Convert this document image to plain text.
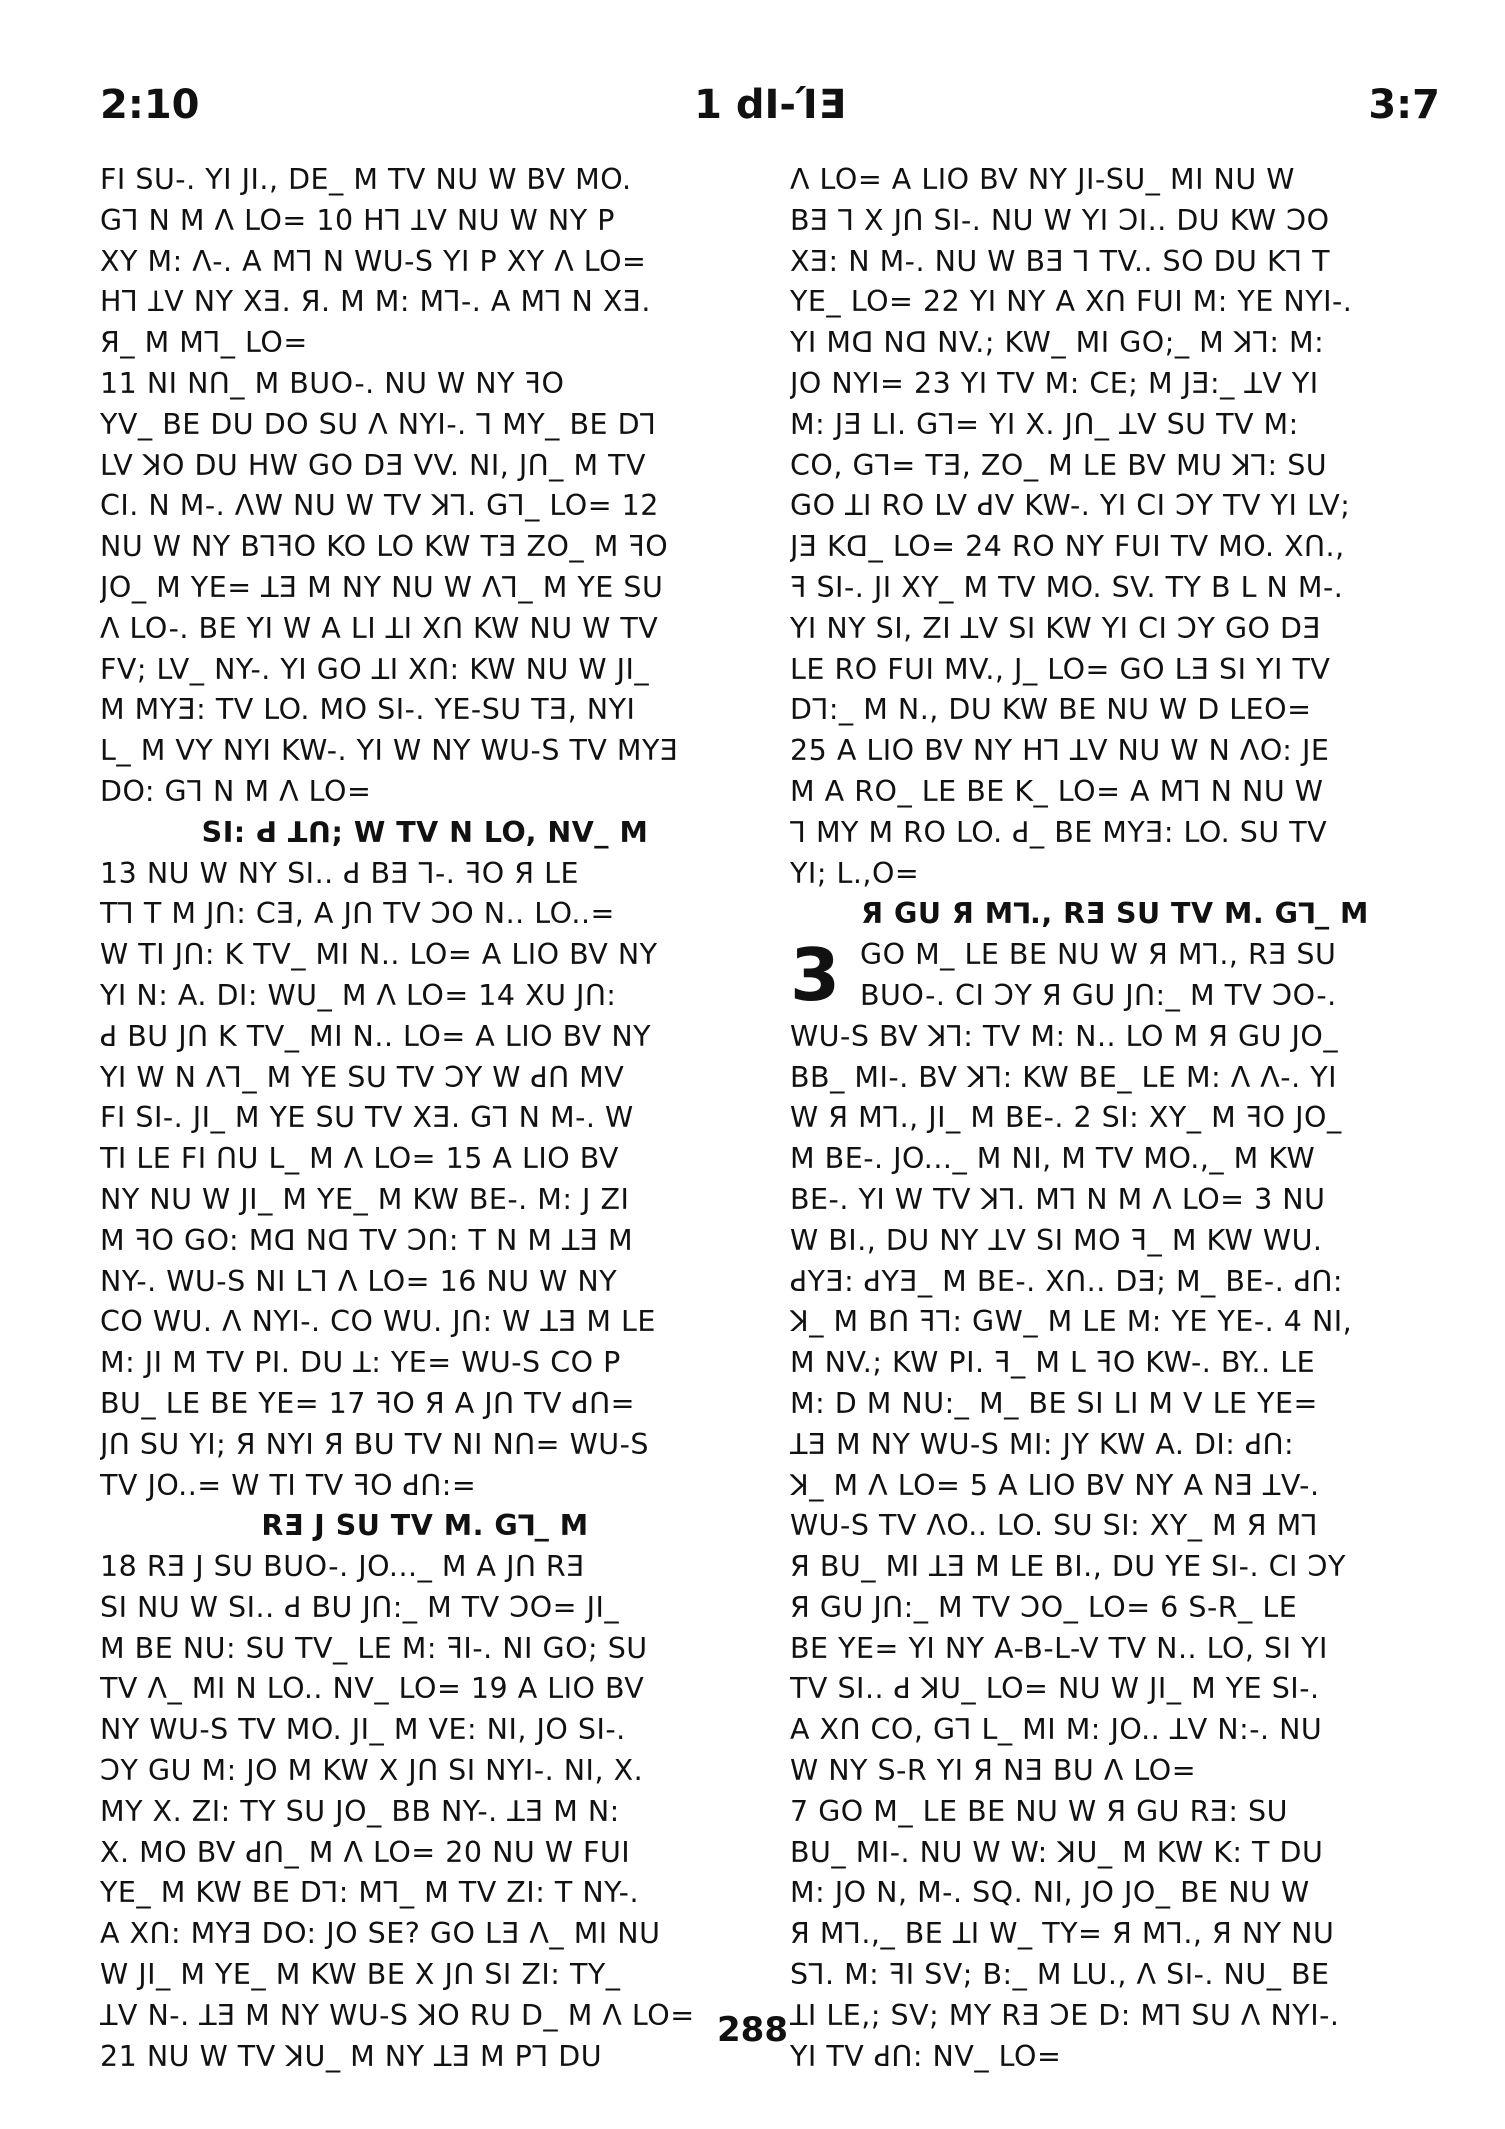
2:10	1 dI-ΊƎ	3:7
FI SU-. YI JI., DE_ M TV NU W BV MO.
GꞀ N M Λ LO= 10 HꞀ ꞱV NU W NY P
XY M: Λ-. A MꞀ N WU-S YI P XY Λ LO=
HꞀ ꞱV NY XƎ. Я. M M: MꞀ-. A MꞀ N XƎ.
Я_ M MꞀ_ LO=
11 NI Nꓵ_ M BUO-. NU W NY ꟻO
YV_ BE DU DO SU Λ NYI-. ꓶ MY_ BE Dꓶ
LV ꓘO DU HW GO DƎ VV. NI, Jꓵ_ M TV
CI. N M-. ΛW NU W TV ꓘꓶ. Gꓶ_ LO= 12
NU W NY BꓶꟻO KO LO KW TƎ ZO_ M ꟻO
JO_ M YE= ꓕƎ M NY NU W Λꓶ_ M YE SU
Λ LO-. BE YI W A LI ꓕI Xꓵ KW NU W TV
FV; LV_ NY-. YI GO ꓕI Xꓵ: KW NU W JI_
M MYƎ: TV LO. MO SI-. YE-SU TƎ, NYI
L_ M VY NYI KW-. YI W NY WU-S TV MYƎ
DO: Gꓶ N M Λ LO=
SI: ꓒ ꓕꓵ; W TV N LO, NV_ M
13 NU W NY SI.. ꓒ BƎ ꓶ-. ꟻO Я LE
Tꓶ T M Jꓵ: CƎ, A Jꓵ TV ƆO N.. LO..=
W TI Jꓵ: K TV_ MI N.. LO= A LIO BV NY
YI N: A. DI: WU_ M Λ LO= 14 XU Jꓵ:
ꓒ BU Jꓵ K TV_ MI N.. LO= A LIO BV NY
YI W N Λꓶ_ M YE SU TV ƆY W ꓒꓵ MV
FI SI-. JI_ M YE SU TV XƎ. Gꓶ N M-. W
TI LE FI ꓵU L_ M Λ LO= 15 A LIO BV
NY NU W JI_ M YE_ M KW BE-. M: J ZI
M ꟻO GO: Mꓷ Nꓷ TV Ɔꓵ: T N M ꓕƎ M
NY-. WU-S NI Lꓶ Λ LO= 16 NU W NY
CO WU. Λ NYI-. CO WU. Jꓵ: W ꓕƎ M LE
M: JI M TV PI. DU ꓕ: YE= WU-S CO P
BU_ LE BE YE= 17 ꟻO Я A Jꓵ TV ꓒꓵ=
Jꓵ SU YI; Я NYI Я BU TV NI Nꓵ= WU-S
TV JO..= W TI TV ꟻO ꓒꓵ:=
RƎ J SU TV M. Gꓶ_ M
18 RƎ J SU BUO-. JO..._ M A Jꓵ RƎ
SI NU W SI.. ꓒ BU Jꓵ:_ M TV ƆO= JI_
M BE NU: SU TV_ LE M: ꟻI-. NI GO; SU
TV Λ_ MI N LO.. NV_ LO= 19 A LIO BV
NY WU-S TV MO. JI_ M VE: NI, JO SI-.
ƆY GU M: JO M KW X Jꓵ SI NYI-. NI, X.
MY X. ZI: TY SU JO_ BB NY-. ꓕƎ M N:
X. MO BV ꓒꓵ_ M Λ LO= 20 NU W FUI
YE_ M KW BE Dꓶ: Mꓶ_ M TV ZI: T NY-.
A Xꓵ: MYƎ DO: JO SE? GO LƎ Λ_ MI NU
W JI_ M YE_ M KW BE X Jꓵ SI ZI: TY_
ꓕV N-. ꓕƎ M NY WU-S ꓘO RU D_ M Λ LO=
21 NU W TV ꓘU_ M NY ꓕƎ M Pꓶ DU
Λ LO= A LIO BV NY JI-SU_ MI NU W
BƎ ꓶ X Jꓵ SI-. NU W YI ƆI.. DU KW ƆO
XƎ: N M-. NU W BƎ ꓶ TV.. SO DU Kꓶ T
YE_ LO= 22 YI NY A Xꓵ FUI M: YE NYI-.
YI Mꓷ Nꓷ NV.; KW_ MI GO;_ M ꓘꓶ: M:
JO NYI= 23 YI TV M: CE; M JƎ:_ ꓕV YI
M: JƎ LI. Gꓶ= YI X. Jꓵ_ ꓕV SU TV M:
CO, Gꓶ= TƎ, ZO_ M LE BV MU ꓘꓶ: SU
GO ꓕI RO LV ꓒV KW-. YI CI ƆY TV YI LV;
JƎ Kꓷ_ LO= 24 RO NY FUI TV MO. Xꓵ.,
ꟻ SI-. JI XY_ M TV MO. SV. TY B L N M-.
YI NY SI, ZI ꓕV SI KW YI CI ƆY GO DƎ
LE RO FUI MV., J_ LO= GO LƎ SI YI TV
Dꓶ:_ M N., DU KW BE NU W D LEO=
25 A LIO BV NY Hꓶ ꓕV NU W N ΛO: JE
M A RO_ LE BE K_ LO= A Mꓶ N NU W
ꓶ MY M RO LO. ꓒ_ BE MYƎ: LO. SU TV
YI; L.,O=
Я GU Я Mꓶ., RƎ SU TV M. Gꓶ_ M
3 GO M_ LE BE NU W Я Mꓶ., RƎ SU
BUO-. CI ƆY Я GU Jꓵ:_ M TV ƆO-.
WU-S BV ꓘꓶ: TV M: N.. LO M Я GU JO_
BB_ MI-. BV ꓘꓶ: KW BE_ LE M: Λ Λ-. YI
W Я Mꓶ., JI_ M BE-. 2 SI: XY_ M ꟻO JO_
M BE-. JO..._ M NI, M TV MO.,_ M KW
BE-. YI W TV ꓘꓶ. Mꓶ N M Λ LO= 3 NU
W BI., DU NY ꓕV SI MO ꟻ_ M KW WU.
ꓒYƎ: ꓒYƎ_ M BE-. Xꓵ.. DƎ; M_ BE-. ꓒꓵ:
ꓘ_ M Bꓵ ꟻꓶ: GW_ M LE M: YE YE-. 4 NI,
M NV.; KW PI. ꟻ_ M L ꟻO KW-. BY.. LE
M: D M NU:_ M_ BE SI LI M V LE YE=
ꓕƎ M NY WU-S MI: JY KW A. DI: ꓒꓵ:
ꓘ_ M Λ LO= 5 A LIO BV NY A NƎ ꓕV-.
WU-S TV ΛO.. LO. SU SI: XY_ M Я Mꓶ
Я BU_ MI ꓕƎ M LE BI., DU YE SI-. CI ƆY
Я GU Jꓵ:_ M TV ƆO_ LO= 6 S-R_ LE
BE YE= YI NY A-B-L-V TV N.. LO, SI YI
TV SI.. ꓒ ꓘU_ LO= NU W JI_ M YE SI-.
A Xꓵ CO, Gꓶ L_ MI M: JO.. ꓕV N:-. NU
W NY S-R YI Я NƎ BU Λ LO=
7 GO M_ LE BE NU W Я GU RƎ: SU
BU_ MI-. NU W W: ꓘU_ M KW K: T DU
M: JO N, M-. SQ. NI, JO JO_ BE NU W
Я Mꓶ.,_ BE ꓕI W_ TY= Я Mꓶ., Я NY NU
Sꓶ. M: ꟻI SV; B:_ M LU., Λ SI-. NU_ BE
ꓕI LE,; SV; MY RƎ ƆE D: Mꓶ SU Λ NYI-.
YI TV ꓒꓵ: NV_ LO=
288
